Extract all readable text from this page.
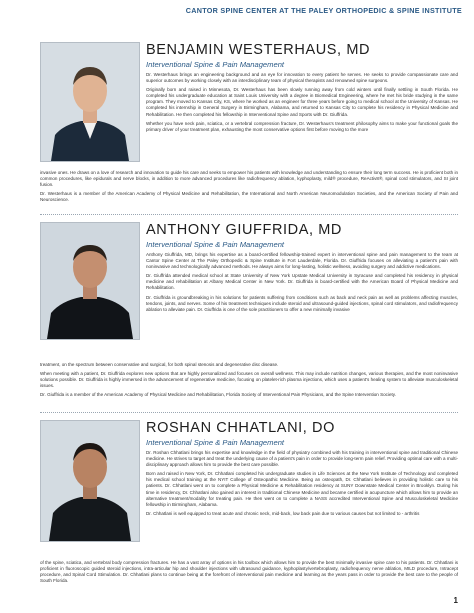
CANTOR SPINE CENTER AT THE PALEY ORTHOPEDIC & SPINE INSTITUTE
BENJAMIN WESTERHAUS, MD
Interventional Spine & Pain Management

Dr. Westerhaus brings an engineering background and an eye for innovation to every patient he serves. He seeks to provide compassionate care and superior outcomes by working closely with an interdisciplinary team of physical therapists and renowned spine surgeons.

Originally born and raised in Minnesota, Dr. Westerhaus has been slowly running away from cold winters until finally settling in South Florida. He completed his undergraduate education at Saint Louis University with a degree in Biomedical Engineering, where he met his bride studying in the same program. They moved to Kansas City, KS, where he worked as an engineer for three years before going to medical school at the University of Kansas. He completed his internship in General Surgery in Birmingham, Alabama, and returned to Kansas City to complete his residency in Physical Medicine and Rehabilitation. He then completed his fellowship in Interventional Spine and Sports with Dr. Giuffrida.

Whether you have neck pain, sciatica, or a vertebral compression fracture, Dr. Westerhaus's treatment philosophy aims to make your functional goals the primary driver of your treatment plan, exhausting the most conservative options first before moving to the more

invasive ones. He draws on a love of research and innovation to guide his care and seeks to empower his patients with knowledge and understanding to ensure their long term success. He is proficient both in common procedures, like epidurals and nerve blocks, in addition to more advanced procedures like radiofrequency ablation, kyphoplasty, mild® procedure, ReActiv8®, spinal cord stimulators, and SI joint fusion.

Dr. Westerhaus is a member of the American Academy of Physical Medicine and Rehabilitation, the International and North American Neuromodulation Societies, and the American Society of Pain and Neuroscience.

ANTHONY GIUFFRIDA, MD
Interventional Spine & Pain Management

Anthony Giuffrida, MD, brings his expertise as a board-certified fellowship-trained expert in interventional spine and pain management to the team at Cantor Spine Center at The Paley Orthopedic & Spine Institute in Fort Lauderdale, Florida. Dr. Giuffrida focuses on alleviating a patient's pain with noninvasive and technologically advanced methods. He always aims for long-lasting, holistic wellness, avoiding surgery and addictive medications.

Dr. Giuffrida attended medical school at State University of New York Upstate Medical University in Syracuse and completed his residency in physical medicine and rehabilitation at Albany Medical Center in New York. Dr. Giuffrida is board-certified with the American Board of Physical Medicine and Rehabilitation.

Dr. Giuffrida is groundbreaking in his solutions for patients suffering from conditions such as back and neck pain as well as problems affecting muscles, tendons, joints, and nerves. Some of his treatment techniques include steroid and ultrasound-guided injections, spinal cord stimulators, and radiofrequency ablation to alleviate pain. Dr. Giuffrida is one of the sole practitioners to offer a new minimally invasive

treatment, on the spectrum between conservative and surgical, for both spinal stenosis and degenerative disc disease.

When meeting with a patient, Dr. Giuffrida explores new options that are highly personalized and focuses on overall wellness. This may include nutrition changes, various therapies, and the most noninvasive solutions possible. Dr. Giuffrida is highly immersed in the advancement of regenerative medicine, focusing on platelet-rich plasma injections, which uses a patient's healing system to alleviate musculoskeletal issues.

Dr. Giuffrida is a member of the American Academy of Physical Medicine and Rehabilitation, Florida Society of Interventional Pain Physicians, and the Spine Intervention Society.

ROSHAN CHHATLANI, DO
Interventional Spine & Pain Management

Dr. Roshan Chhatlani brings his expertise and knowledge in the field of physiatry combined with his training in interventional spine and traditional Chinese medicine. He strives to target and treat the underlying cause of a patient's pain in order to provide long-term pain relief. Providing optimal care with a multi-disciplinary approach allows him to provide the best care possible.

Born and raised in New York, Dr. Chhatlani completed his undergraduate studies in Life Sciences at the New York Institute of Technology and completed his medical school training at the NYIT College of Osteopathic Medicine. Being an osteopath, Dr. Chhatlani believes in providing holistic care to his patients. Dr. Chhatlani went on to complete a Physical Medicine & Rehabilitation residency at SUNY Downstate Medical Center in Brooklyn. During his time in residency, Dr. Chhatlani also gained an interest in traditional Chinese Medicine and became certified in acupuncture which allows him to provide an alternative treatment/modality for treating pain. He then went on to complete a NASS accredited Interventional Spine and Musculoskeletal Medicine fellowship in Birmingham, Alabama.

Dr. Chhatlani is well equipped to treat acute and chronic neck, mid-back, low back pain due to various causes but not limited to - arthritis

of the spine, sciatica, and vertebral body compression fractures. He has a vast array of options in his toolbox which allows him to provide the best minimally invasive spine care to his patients. Dr. Chhatlani is proficient in fluoroscopic guided steroid injections, intra-articular hip and shoulder injections with ultrasound guidance, kyphoplasty/vertebroplasty, radiofrequency nerve ablation, MILD procedure, Intracept procedure, and Spinal Cord Stimulation. Dr. Chhatlani plans to continue being at the forefront of interventional pain medicine and learning as the years pass in order to provide the best care to the people of South Florida.

1
